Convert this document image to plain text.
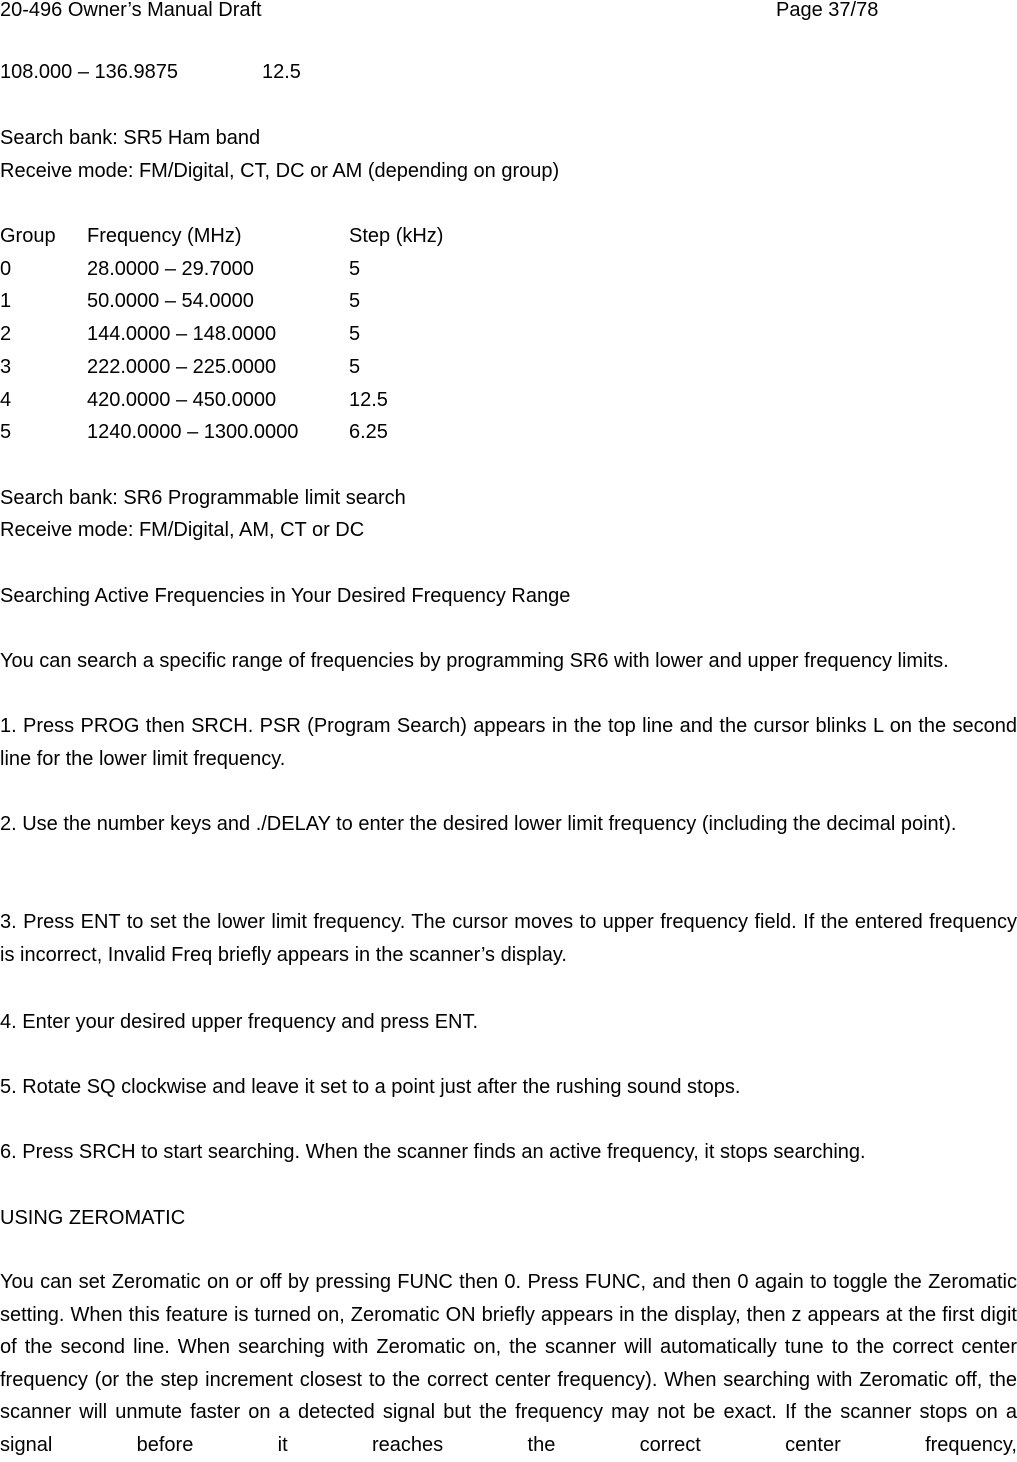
20-496 Owner’s Manual Draft	Page 37/78
108.000 – 136.9875	12.5
Search bank: SR5 Ham band
Receive mode: FM/Digital, CT, DC or AM (depending on group)
Group Frequency (MHz)	Step (kHz)
0	28.0000 – 29.7000	5
1	50.0000 – 54.0000	5
2	144.0000 – 148.0000	5
3	222.0000 – 225.0000	5
4	420.0000 – 450.0000	12.5
5	1240.0000 – 1300.0000	6.25
Search bank: SR6 Programmable limit search
Receive mode: FM/Digital, AM, CT or DC
Searching Active Frequencies in Your Desired Frequency Range
You can search a specific range of frequencies by programming SR6 with lower and upper frequency limits.
1. Press PROG then SRCH. PSR (Program Search) appears in the top line and the cursor blinks L on the second line for the lower limit frequency.
2. Use the number keys and ./DELAY to enter the desired lower limit frequency (including the decimal point).
3. Press ENT to set the lower limit frequency. The cursor moves to upper frequency field. If the entered frequency is incorrect, Invalid Freq briefly appears in the scanner’s display.
4. Enter your desired upper frequency and press ENT.
5. Rotate SQ clockwise and leave it set to a point just after the rushing sound stops.
6. Press SRCH to start searching. When the scanner finds an active frequency, it stops searching.
USING ZEROMATIC
You can set Zeromatic on or off by pressing FUNC then 0. Press FUNC, and then 0 again to toggle the Zeromatic setting. When this feature is turned on, Zeromatic ON briefly appears in the display, then z appears at the first digit of the second line. When searching with Zeromatic on, the scanner will automatically tune to the correct center frequency (or the step increment closest to the correct center frequency). When searching with Zeromatic off, the scanner will unmute faster on a detected signal but the frequency may not be exact. If the scanner stops on a signal before it reaches the correct center frequency,
